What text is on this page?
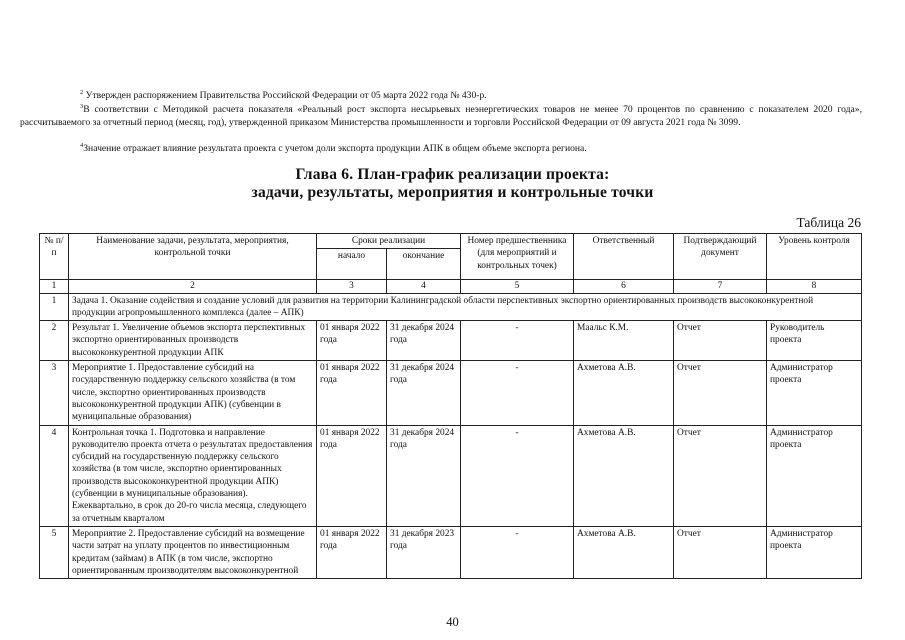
$^2$ Утвержден распоряжением Правительства Российской Федерации от 05 марта 2022 года № 430-р.
$^3$В соответствии с Методикой расчета показателя «Реальный рост экспорта несырьевых неэнергетических товаров не менее 70 процентов по сравнению с показателем 2020 года», рассчитываемого за отчетный период (месяц, год), утвержденной приказом Министерства промышленности и торговли Российской Федерации от 09 августа 2021 года № 3099.
$^4$Значение отражает влияние результата проекта с учетом доли экспорта продукции АПК в общем объеме экспорта региона.
Глава 6. План-график реализации проекта:
задачи, результаты, мероприятия и контрольные точки
Таблица 26
№ п/п	Наименование задачи, результата, мероприятия, контрольной точки	Сроки реализации		Номер предшественника (для мероприятий и контрольных точек)	Ответственный	Подтверждающий документ	Уровень контроля
		начало	окончание				
1	2	3	4	5	6	7	8
1	Задача 1. Оказание содействия и создание условий для развития на территории Калининградской области перспективных экспортно ориентированных производств высококонкурентной продукции агропромышленного комплекса (далее – АПК)						
2	Результат 1. Увеличение объемов экспорта перспективных экспортно ориентированных производств высококонкурентной продукции АПК	01 января 2022 года	31 декабря 2024 года	-	Маальс К.М.	Отчет	Руководитель проекта
3	Мероприятие 1. Предоставление субсидий на государственную поддержку сельского хозяйства (в том числе, экспортно ориентированных производств высококонкурентной продукции АПК) (субвенции в муниципальные образования)	01 января 2022 года	31 декабря 2024 года	-	Ахметова А.В.	Отчет	Администратор проекта
4	Контрольная точка 1. Подготовка и направление руководителю проекта отчета о результатах предоставления субсидий на государственную поддержку сельского хозяйства (в том числе, экспортно ориентированных производств высококонкурентной продукции АПК) (субвенции в муниципальные образования). Ежеквартально, в срок до 20-го числа месяца, следующего за отчетным кварталом	01 января 2022 года	31 декабря 2024 года	-	Ахметова А.В.	Отчет	Администратор проекта
5	Мероприятие 2. Предоставление субсидий на возмещение части затрат на уплату процентов по инвестиционным кредитам (займам) в АПК (в том числе, экспортно ориентированным производителям высококонкурентной	01 января 2022 года	31 декабря 2023 года	-	Ахметова А.В.	Отчет	Администратор проекта
40
